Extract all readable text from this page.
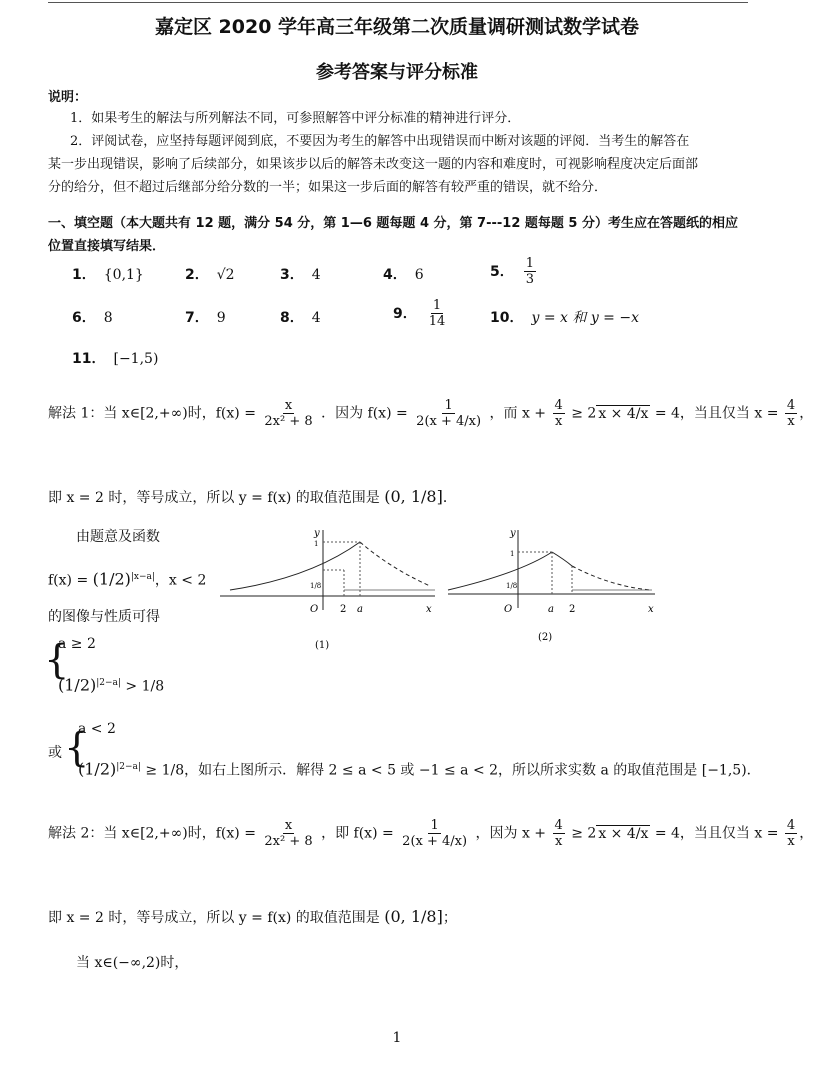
嘉定区 2020 学年高三年级第二次质量调研测试数学试卷
参考答案与评分标准
说明：
1．如果考生的解法与所列解法不同，可参照解答中评分标准的精神进行评分．
2．评阅试卷，应坚持每题评阅到底，不要因为考生的解答中出现错误而中断对该题的评阅．当考生的解答在
某一步出现错误，影响了后续部分，如果该步以后的解答未改变这一题的内容和难度时，可视影响程度决定后面部
分的给分，但不超过后继部分给分数的一半；如果这一步后面的解答有较严重的错误，就不给分．
一、填空题（本大题共有 12 题，满分 54 分，第 1—6 题每题 4 分，第 7---12 题每题 5 分）考生应在答题纸的相应
位置直接填写结果．
1． {0,1}	2． √2	3． 4	4． 6	5． $\frac{1}{3}$
6． 8	7． 9	8． 4	9． $\frac{1}{14}$	10． y = x 和 y = −x
11． [−1,5)
解法 1：当 x∈[2,+∞)时，$f(x) = \frac{x}{\text{2x² + 8}}$ ．因为 $f(x) = \frac{1}{2(x + 4/x)}$ ，而 $x + \frac{4}{x} \ge 2$ x × 4/x = 4，当且仅当 $x = \frac{4}{x}$ ，
即 x = 2 时，等号成立，所以 y = f(x) 的取值范围是 (0, 1/8]．
由题意及函数
$f(x) = (1/2)^{|x-a|}$，x < 2
的图像与性质可得
{
a ≥ 2
$(1/2)^{|2-a|} > 1/8$
{
或
a < 2
$(1/2)^{|2-a|} \ge 1/8$，如右上图所示．解得 2 ≤ a < 5 或 −1 ≤ a < 2，所以所求实数 a 的取值范围是 [−1,5)．
y
x
O 2 a
1
1/8
(1)
y
x
O	a 2
1
1/8
(2)
解法 2：当 x∈[2,+∞)时，$f(x) = \frac{x}{\text{2x² + 8}}$ ，即 $f(x) = \frac{1}{2(x + 4/x)}$ ，因为 $x + \frac{4}{x} \ge 2$ x × 4/x = 4，当且仅当 $x = \frac{4}{x}$ ，
即 x = 2 时，等号成立，所以 y = f(x) 的取值范围是 (0, 1/8]；
当 x∈(−∞,2)时，
1
